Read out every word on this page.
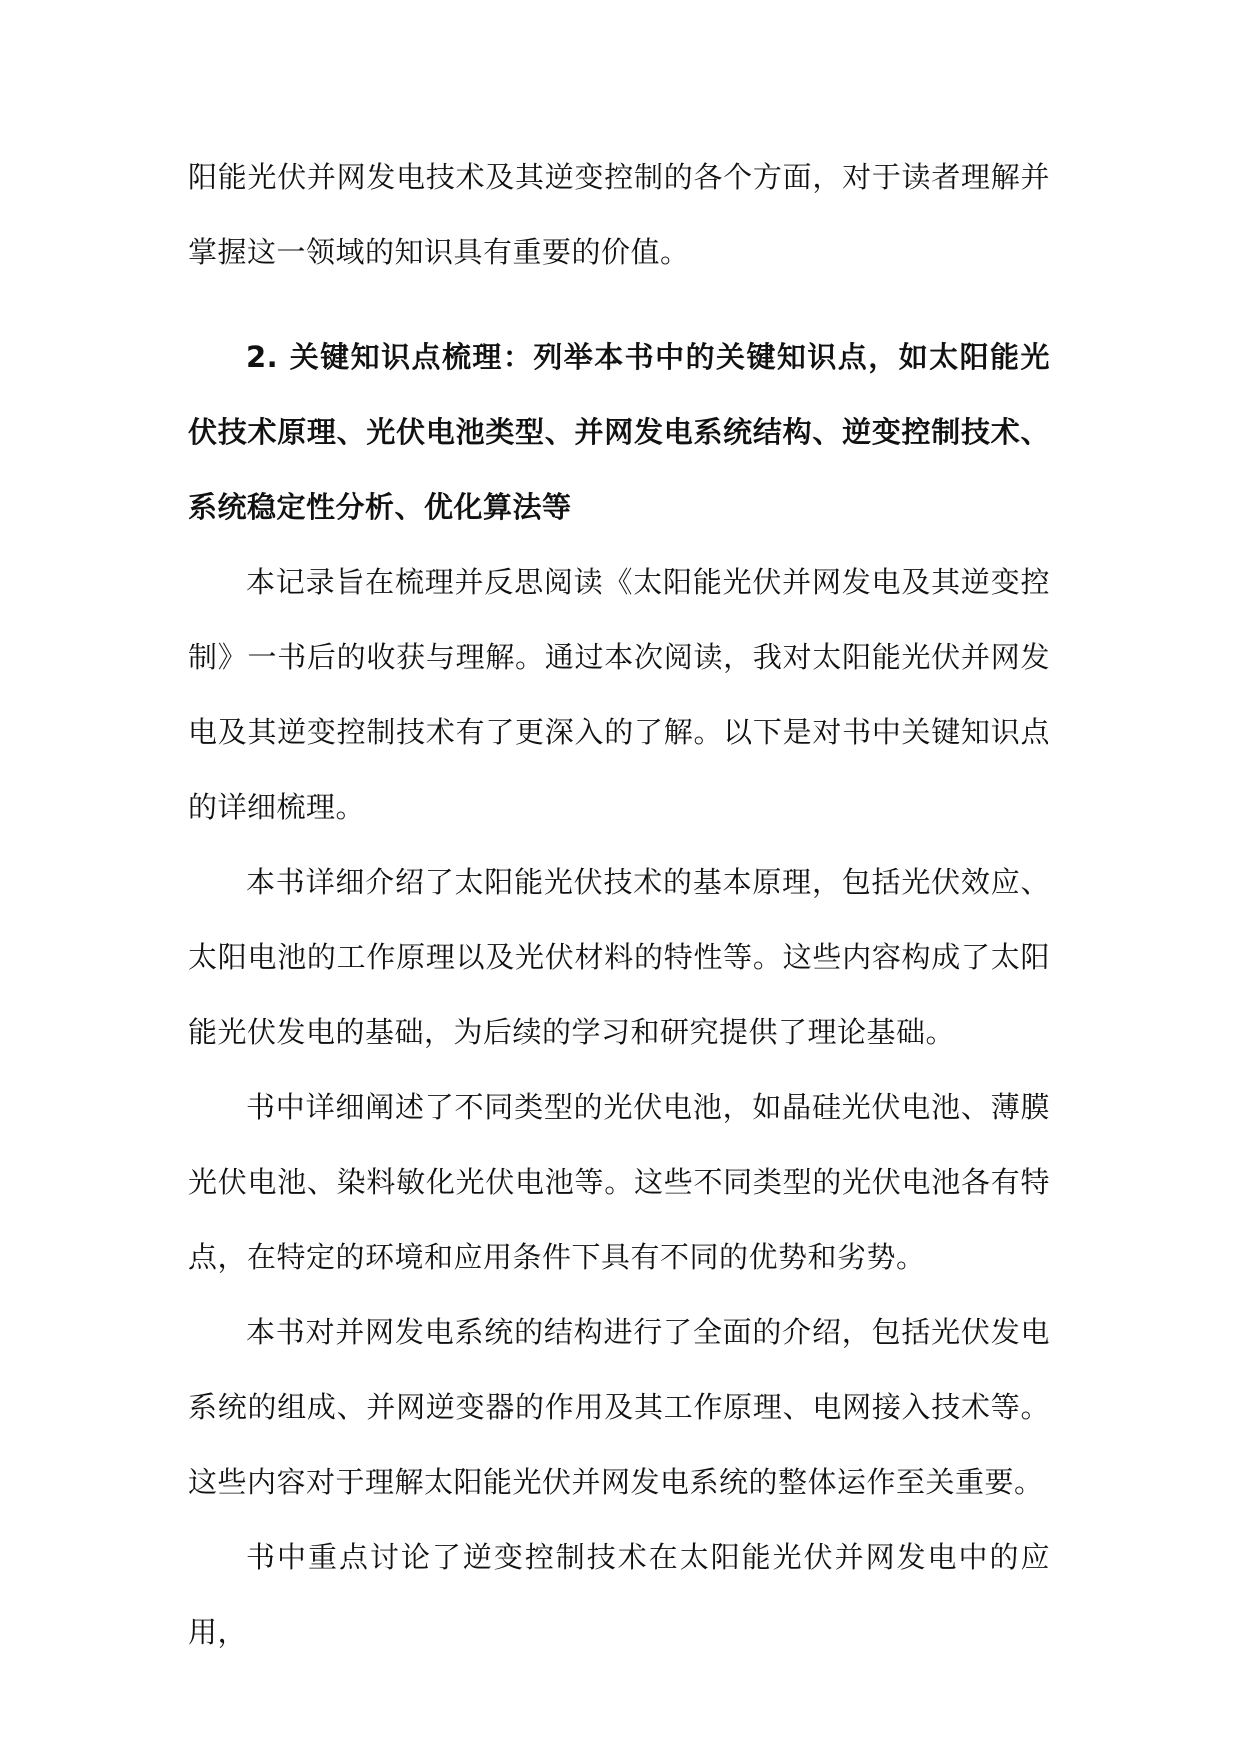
阳能光伏并网发电技术及其逆变控制的各个方面，对于读者理解并掌握这一领域的知识具有重要的价值。

2. 关键知识点梳理：列举本书中的关键知识点，如太阳能光伏技术原理、光伏电池类型、并网发电系统结构、逆变控制技术、系统稳定性分析、优化算法等

本记录旨在梳理并反思阅读《太阳能光伏并网发电及其逆变控制》一书后的收获与理解。通过本次阅读，我对太阳能光伏并网发电及其逆变控制技术有了更深入的了解。以下是对书中关键知识点的详细梳理。

本书详细介绍了太阳能光伏技术的基本原理，包括光伏效应、太阳电池的工作原理以及光伏材料的特性等。这些内容构成了太阳能光伏发电的基础，为后续的学习和研究提供了理论基础。

书中详细阐述了不同类型的光伏电池，如晶硅光伏电池、薄膜光伏电池、染料敏化光伏电池等。这些不同类型的光伏电池各有特点，在特定的环境和应用条件下具有不同的优势和劣势。

本书对并网发电系统的结构进行了全面的介绍，包括光伏发电系统的组成、并网逆变器的作用及其工作原理、电网接入技术等。这些内容对于理解太阳能光伏并网发电系统的整体运作至关重要。

书中重点讨论了逆变控制技术在太阳能光伏并网发电中的应用，
